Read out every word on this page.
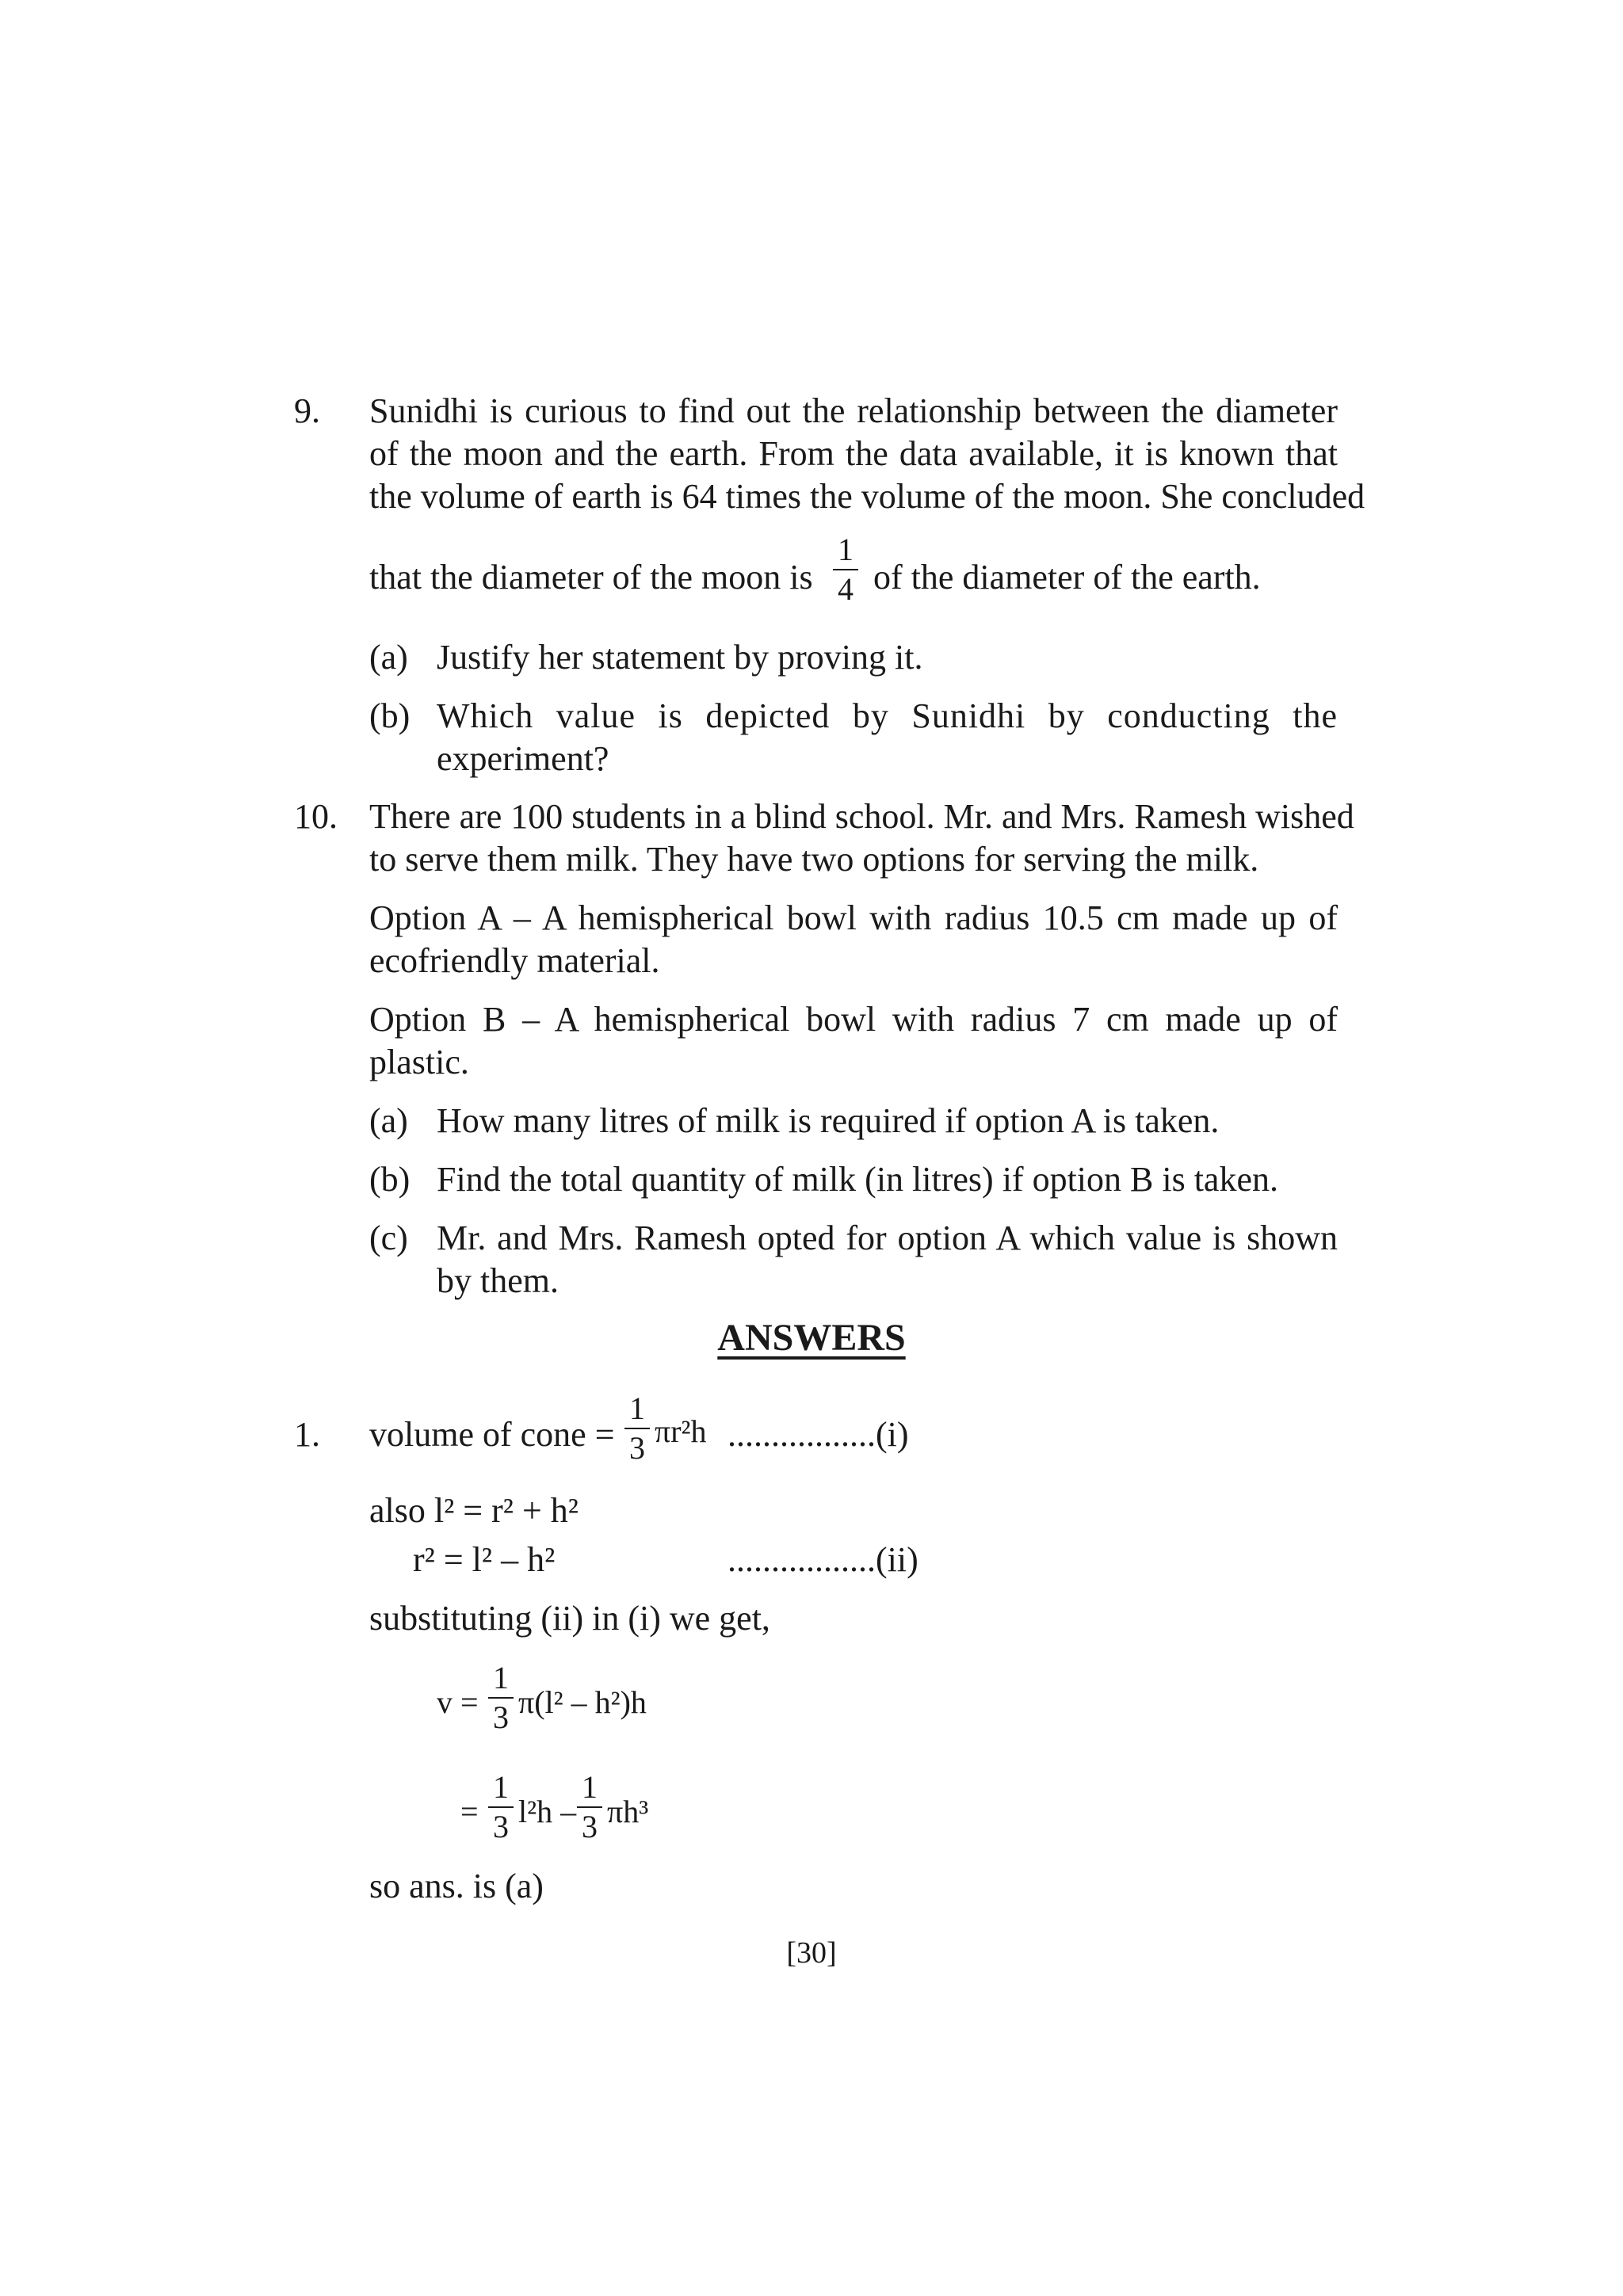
9. Sunidhi is curious to find out the relationship between the diameter
of the moon and the earth. From the data available, it is known that
the volume of earth is 64 times the volume of the moon. She concluded
that the diameter of the moon is
1
4 of the diameter of the earth.
(a) Justify her statement by proving it.
(b) Which value is depicted by Sunidhi by conducting the
experiment?
10. There are 100 students in a blind school. Mr. and Mrs. Ramesh wished
to serve them milk. They have two options for serving the milk.
Option A – A hemispherical bowl with radius 10.5 cm made up of
ecofriendly material.
Option B – A hemispherical bowl with radius 7 cm made up of
plastic.
(a) How many litres of milk is required if option A is taken.
(b) Find the total quantity of milk (in litres) if option B is taken.
(c) Mr. and Mrs. Ramesh opted for option A which value is shown
by them.
ANSWERS
1. volume of cone =
1
3 πr²h .................(i)
also l² = r² + h²
r² = l² – h²	.................(ii)
substituting (ii) in (i) we get,
v =
1
3 π(l² – h²)h
=
1
3 l²h –
1
3 πh³
so ans. is (a)
[30]
